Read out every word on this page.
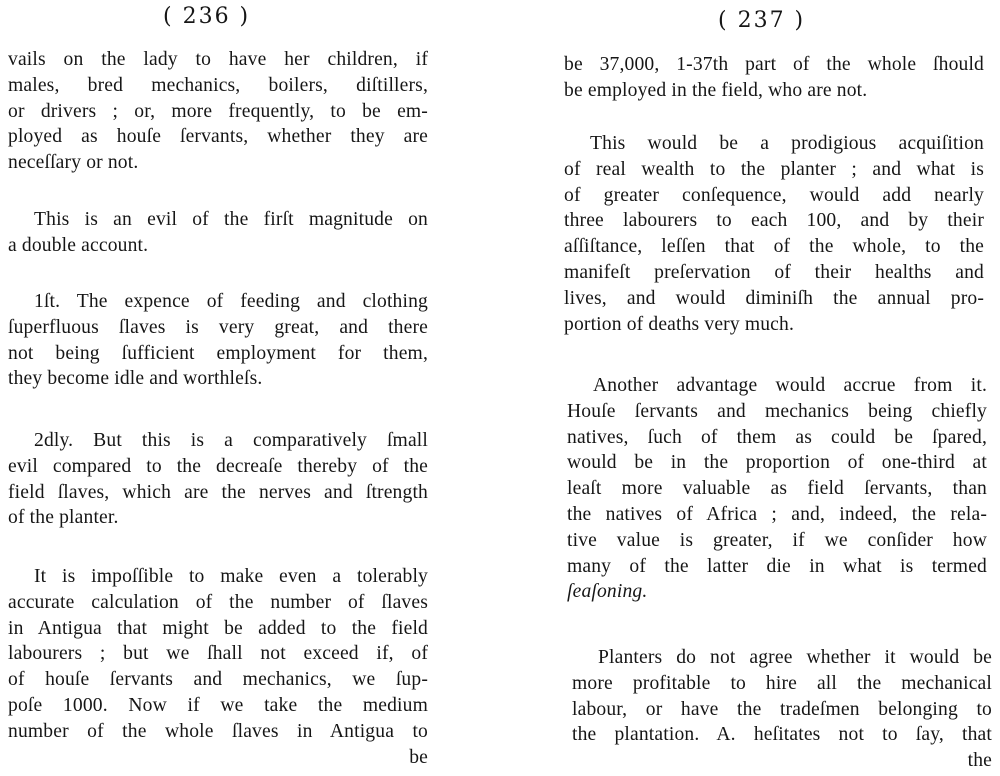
( 236 )
vails on the lady to have her children, if
males, bred mechanics, boilers, diſtillers,
or drivers ; or, more frequently, to be em-
ployed as houſe ſervants, whether they are
neceſſary or not.
This is an evil of the firſt magnitude on
a double account.
1ſt. The expence of feeding and clothing
ſuperfluous ſlaves is very great, and there
not being ſufficient employment for them,
they become idle and worthleſs.
2dly. But this is a comparatively ſmall
evil compared to the decreaſe thereby of the
field ſlaves, which are the nerves and ſtrength
of the planter.
It is impoſſible to make even a tolerably
accurate calculation of the number of ſlaves
in Antigua that might be added to the field
labourers ; but we ſhall not exceed if, of
of houſe ſervants and mechanics, we ſup-
poſe 1000. Now if we take the medium
number of the whole ſlaves in Antigua to
be
( 237 )
be 37,000, 1-37th part of the whole ſhould
be employed in the field, who are not.
This would be a prodigious acquiſition
of real wealth to the planter ; and what is
of greater conſequence, would add nearly
three labourers to each 100, and by their
aſſiſtance, leſſen that of the whole, to the
manifeſt preſervation of their healths and
lives, and would diminiſh the annual pro-
portion of deaths very much.
Another advantage would accrue from it.
Houſe ſervants and mechanics being chiefly
natives, ſuch of them as could be ſpared,
would be in the proportion of one-third at
leaſt more valuable as field ſervants, than
the natives of Africa ; and, indeed, the rela-
tive value is greater, if we conſider how
many of the latter die in what is termed
ſeaſoning.
Planters do not agree whether it would be
more profitable to hire all the mechanical
labour, or have the tradeſmen belonging to
the plantation. A. heſitates not to ſay, that
the
